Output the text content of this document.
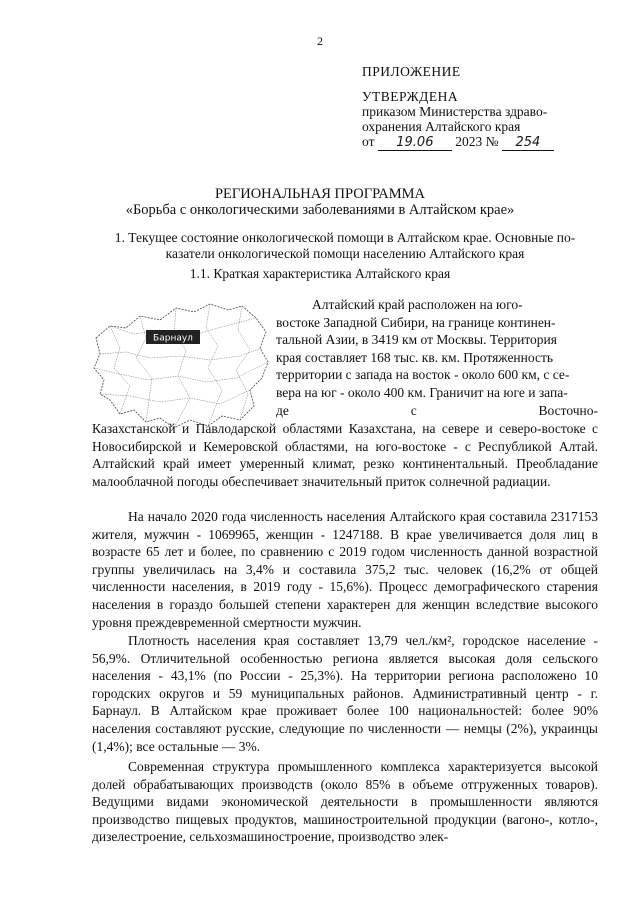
2
ПРИЛОЖЕНИЕ
УТВЕРЖДЕНА
приказом Министерства здраво-
охранения Алтайского края
от 19.06 2023 № 254
РЕГИОНАЛЬНАЯ ПРОГРАММА
«Борьба с онкологическими заболеваниями в Алтайском крае»
1. Текущее состояние онкологической помощи в Алтайском крае. Основные по-
казатели онкологической помощи населению Алтайского края
1.1. Краткая характеристика Алтайского края
Барнаул

Алтайский край расположен на юго-

востоке Западной Сибири, на границе континен-

тальной Азии, в 3419 км от Москвы. Территория

края составляет 168 тыс. кв. км. Протяженность

территории с запада на восток - около 600 км, с се-

вера на юг - около 400 км. Граничит на юге и запа-

де с Восточно-

Казахстанской и Павлодарской областями Казахстана, на севере и северо-востоке с Новосибирской и Кемеровской областями, на юго-востоке - с Республикой Алтай. Алтайский край имеет умеренный климат, резко континентальный. Преобладание малооблачной погоды обеспечивает значительный приток солнечной радиации.

На начало 2020 года численность населения Алтайского края составила 2317153 жителя, мужчин - 1069965, женщин - 1247188. В крае увеличивается доля лиц в возрасте 65 лет и более, по сравнению с 2019 годом численность данной возрастной группы увеличилась на 3,4% и составила 375,2 тыс. человек (16,2% от общей численности населения, в 2019 году - 15,6%). Процесс демографического старения населения в гораздо большей степени характерен для женщин вследствие высокого уровня преждевременной смертности мужчин.

Плотность населения края составляет 13,79 чел./км², городское население - 56,9%. Отличительной особенностью региона является высокая доля сельского населения - 43,1% (по России - 25,3%). На территории региона расположено 10 городских округов и 59 муниципальных районов. Административный центр - г. Барнаул. В Алтайском крае проживает более 100 национальностей: более 90% населения составляют русские, следующие по численности — немцы (2%), украинцы (1,4%); все остальные — 3%.

Современная структура промышленного комплекса характеризуется высокой долей обрабатывающих производств (около 85% в объеме отгруженных товаров). Ведущими видами экономической деятельности в промышленности являются производство пищевых продуктов, машиностроительной продукции (вагоно-, котло-, дизелестроение, сельхозмашиностроение, производство элек-
